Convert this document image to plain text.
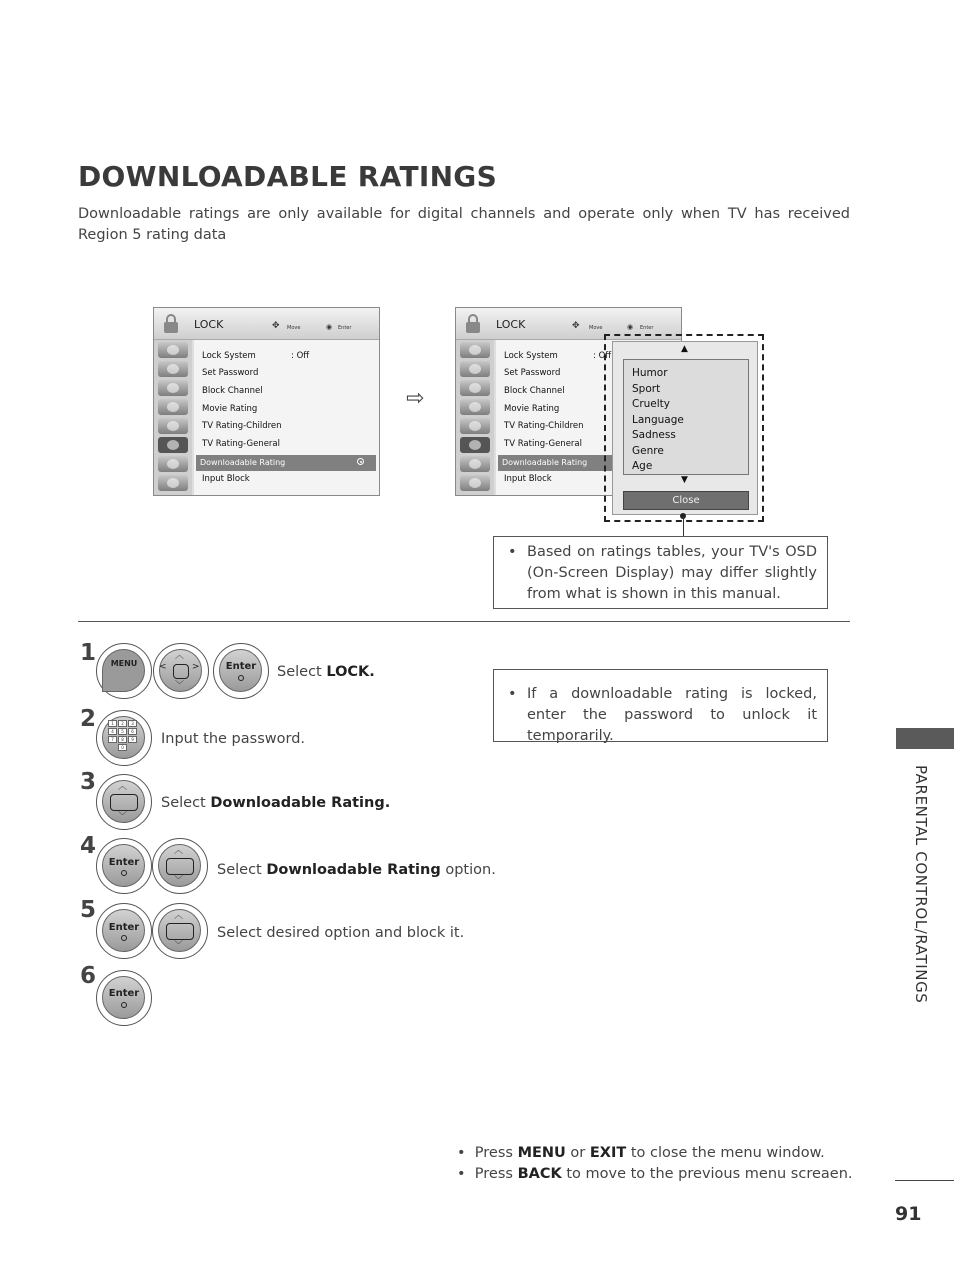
DOWNLOADABLE RATINGS
Downloadable ratings are only available for digital channels and operate only when TV has received Region 5 rating data
LOCK	✥ Move	◉ Enter
Lock System	: Off
Set Password
Block Channel
Movie Rating
TV Rating-Children
TV Rating-General
Downloadable Rating
Input Block
⇨
LOCK	✥ Move	◉ Enter
Lock System	: Off
Set Password
Block Channel
Movie Rating
TV Rating-Children
TV Rating-General
Downloadable Rating
Input Block
▲
Humor
Sport
Cruelty
Language
Sadness
Genre
Age
▼
Close
• Based on ratings tables, your TV's OSD (On-Screen Display) may differ slightly from what is shown in this manual.
1	MENU
︿
﹀
<	>	Enter	Select LOCK.
2	1	2	3
4	5	6
7	8	9
0
Input the password.
3 ︿
﹀
Select Downloadable Rating.
4
Enter
︿
﹀
Select Downloadable Rating option.
5
Enter
︿
﹀
Select desired option and block it.
6
Enter
• If a downloadable rating is locked, enter the password to unlock it temporarily.
• Press MENU or EXIT to close the menu window.
• Press BACK to move to the previous menu screaen.
PARENTAL CONTROL/RATINGS
91
